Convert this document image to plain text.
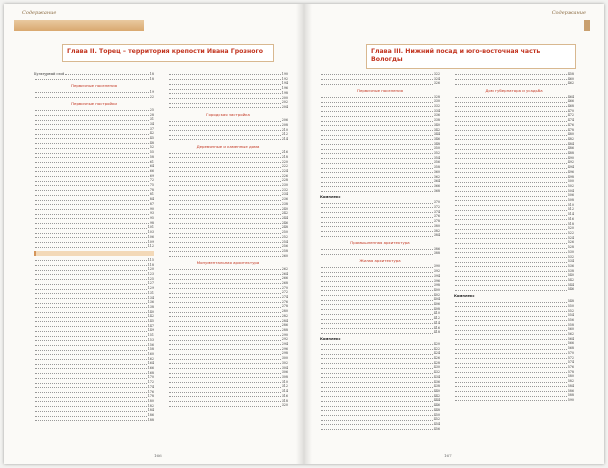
Содержание
Глава II. Торец – территория крепости Ивана Грозного
Культурный слой	18
18
Первичные поселения
19
22
Первичные постройки
25
28
31
34
37
42
45
48
52
55
58
61
64
66
69
72
75
78
81
84
87
90
93
95
98
101
103
106
109
112
115
118
120
123
125
127
129
131
134
136
138
140
142
145
147
149
151
153
156
158
160
162
164
166
168
170
172
174
176
178
180
182
184
186
188
190
192
194
196
198
200
202
204
Городская застройка
206
208
210
212
214
Деревянные и каменные дома
216
218
220
222
224
226
228
230
232
234
236
238
240
242
244
246
248
250
252
254
256
258
260
Монументальная архитектура
262
264
266
268
270
272
274
276
278
280
282
284
286
288
290
292
294
296
298
300
302
304
306
308
310
312
314
316
318
320
166
Содержание
Глава III. Нижний посад и юго-восточная часть Вологды
322
324
326
Первичные поселения
328
330
332
334
336
338
340
342
344
346
348
350
352
354
356
358
360
362
364
366
368
Комплекс
370
372
374
376
378
380
382
384
Промышленная архитектура
386
388
Жилая архитектура
390
392
394
396
398
400
402
404
406
408
410
412
414
416
418
Комплекс
420
422
424
426
428
430
432
434
436
438
440
442
444
446
448
450
452
454
456
458
460
462
Дом губернатора и усадьба
464
466
468
470
472
474
476
478
480
482
484
486
488
490
492
494
496
498
500
502
504
506
508
510
512
514
516
518
520
522
524
526
528
530
532
534
536
538
540
542
544
546
Комплекс
548
550
552
554
556
558
560
562
564
566
568
570
572
574
576
578
580
582
584
586
588
590
167
